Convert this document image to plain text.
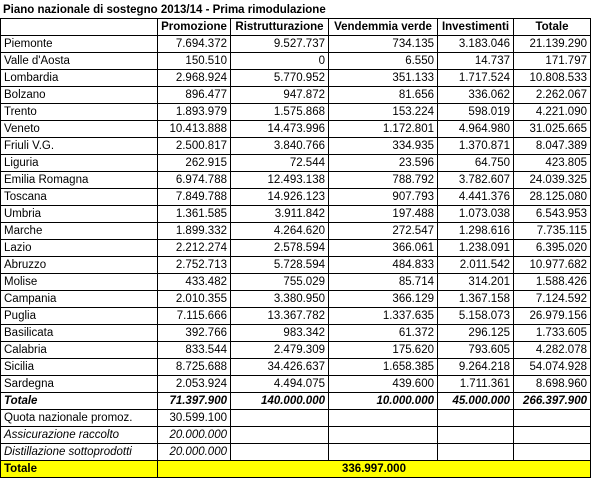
Piano nazionale di sostegno 2013/14 - Prima rimodulazione
	Promozione	Ristrutturazione	Vendemmia verde	Investimenti	Totale
Piemonte	7.694.372	9.527.737	734.135	3.183.046	21.139.290
Valle d'Aosta	150.510	0	6.550	14.737	171.797
Lombardia	2.968.924	5.770.952	351.133	1.717.524	10.808.533
Bolzano	896.477	947.872	81.656	336.062	2.262.067
Trento	1.893.979	1.575.868	153.224	598.019	4.221.090
Veneto	10.413.888	14.473.996	1.172.801	4.964.980	31.025.665
Friuli V.G.	2.500.817	3.840.766	334.935	1.370.871	8.047.389
Liguria	262.915	72.544	23.596	64.750	423.805
Emilia Romagna	6.974.788	12.493.138	788.792	3.782.607	24.039.325
Toscana	7.849.788	14.926.123	907.793	4.441.376	28.125.080
Umbria	1.361.585	3.911.842	197.488	1.073.038	6.543.953
Marche	1.899.332	4.264.620	272.547	1.298.616	7.735.115
Lazio	2.212.274	2.578.594	366.061	1.238.091	6.395.020
Abruzzo	2.752.713	5.728.594	484.833	2.011.542	10.977.682
Molise	433.482	755.029	85.714	314.201	1.588.426
Campania	2.010.355	3.380.950	366.129	1.367.158	7.124.592
Puglia	7.115.666	13.367.782	1.337.635	5.158.073	26.979.156
Basilicata	392.766	983.342	61.372	296.125	1.733.605
Calabria	833.544	2.479.309	175.620	793.605	4.282.078
Sicilia	8.725.688	34.426.637	1.658.385	9.264.218	54.074.928
Sardegna	2.053.924	4.494.075	439.600	1.711.361	8.698.960
Totale	71.397.900	140.000.000	10.000.000	45.000.000	266.397.900
Quota nazionale promoz.	30.599.100				
Assicurazione raccolto	20.000.000				
Distillazione sottoprodotti	20.000.000				
Totale	336.997.000				
